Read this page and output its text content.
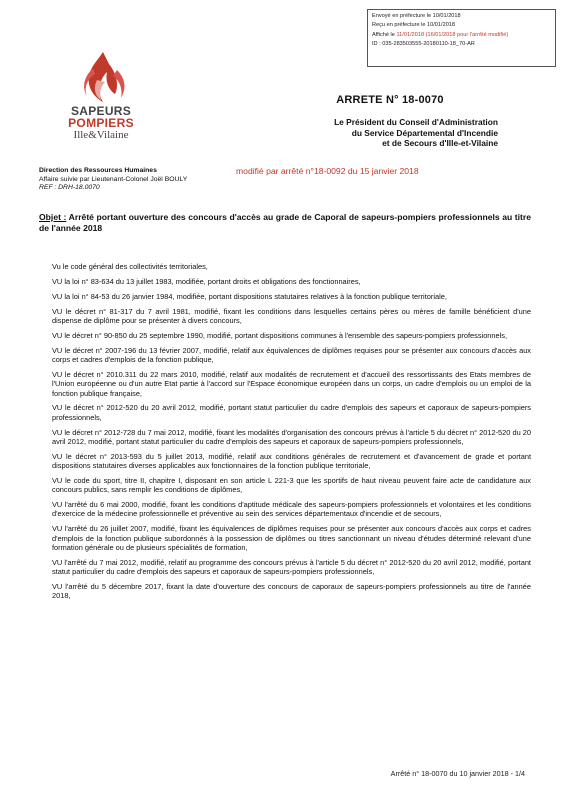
Envoyé en préfecture le 10/01/2018
Reçu en préfecture le 10/01/2018
Affiché le 11/01/2018 (16/01/2018 pour l'arrêté modifié)
ID : 035-283503555-20180110-18_70-AR
SAPEURS
POMPIERS
Ille&Vilaine
ARRETE N° 18-0070
Le Président du Conseil d'Administration
du Service Départemental d'Incendie
et de Secours d'Ille-et-Vilaine
modifié par arrêté n°18-0092 du 15 janvier 2018
Direction des Ressources Humaines
Affaire suivie par Lieutenant-Colonel Joël BOULY
REF : DRH-18.0070
Objet : Arrêté portant ouverture des concours d'accès au grade de Caporal de sapeurs-pompiers professionnels au titre de l'année 2018

Vu le code général des collectivités territoriales,

VU la loi n° 83-634 du 13 juillet 1983, modifiée, portant droits et obligations des fonctionnaires,

VU la loi n° 84-53 du 26 janvier 1984, modifiée, portant dispositions statutaires relatives à la fonction publique territoriale,

VU le décret n° 81-317 du 7 avril 1981, modifié, fixant les conditions dans lesquelles certains pères ou mères de famille bénéficient d'une dispense de diplôme pour se présenter à divers concours,

VU le décret n° 90-850 du 25 septembre 1990, modifié, portant dispositions communes à l'ensemble des sapeurs-pompiers professionnels,

VU le décret n° 2007-196 du 13 février 2007, modifié, relatif aux équivalences de diplômes requises pour se présenter aux concours d'accès aux corps et cadres d'emplois de la fonction publique,

VU le décret n° 2010.311 du 22 mars 2010, modifié, relatif aux modalités de recrutement et d'accueil des ressortissants des Etats membres de l'Union européenne ou d'un autre Etat partie à l'accord sur l'Espace économique européen dans un corps, un cadre d'emplois ou un emploi de la fonction publique française,

VU le décret n° 2012-520 du 20 avril 2012, modifié, portant statut particulier du cadre d'emplois des sapeurs et caporaux de sapeurs-pompiers professionnels,

VU le décret n° 2012-728 du 7 mai 2012, modifié, fixant les modalités d'organisation des concours prévus à l'article 5 du décret n° 2012-520 du 20 avril 2012, modifié, portant statut particulier du cadre d'emplois des sapeurs et caporaux de sapeurs-pompiers professionnels,

VU le décret n° 2013-593 du 5 juillet 2013, modifié, relatif aux conditions générales de recrutement et d'avancement de grade et portant dispositions statutaires diverses applicables aux fonctionnaires de la fonction publique territoriale,

VU le code du sport, titre II, chapitre I, disposant en son article L 221-3 que les sportifs de haut niveau peuvent faire acte de candidature aux concours publics, sans remplir les conditions de diplômes,

VU l'arrêté du 6 mai 2000, modifié, fixant les conditions d'aptitude médicale des sapeurs-pompiers professionnels et volontaires et les conditions d'exercice de la médecine professionnelle et préventive au sein des services départementaux d'incendie et de secours,

VU l'arrêté du 26 juillet 2007, modifié, fixant les équivalences de diplômes requises pour se présenter aux concours d'accès aux corps et cadres d'emplois de la fonction publique subordonnés à la possession de diplômes ou titres sanctionnant un niveau d'études déterminé relevant d'une formation générale ou de plusieurs spécialités de formation,

VU l'arrêté du 7 mai 2012, modifié, relatif au programme des concours prévus à l'article 5 du décret n° 2012-520 du 20 avril 2012, modifié, portant statut particulier du cadre d'emplois des sapeurs et caporaux de sapeurs-pompiers professionnels,

VU l'arrêté du 5 décembre 2017, fixant la date d'ouverture des concours de caporaux de sapeurs-pompiers professionnels au titre de l'année 2018,

Arrêté n° 18-0070 du 10 janvier 2018 - 1/4
